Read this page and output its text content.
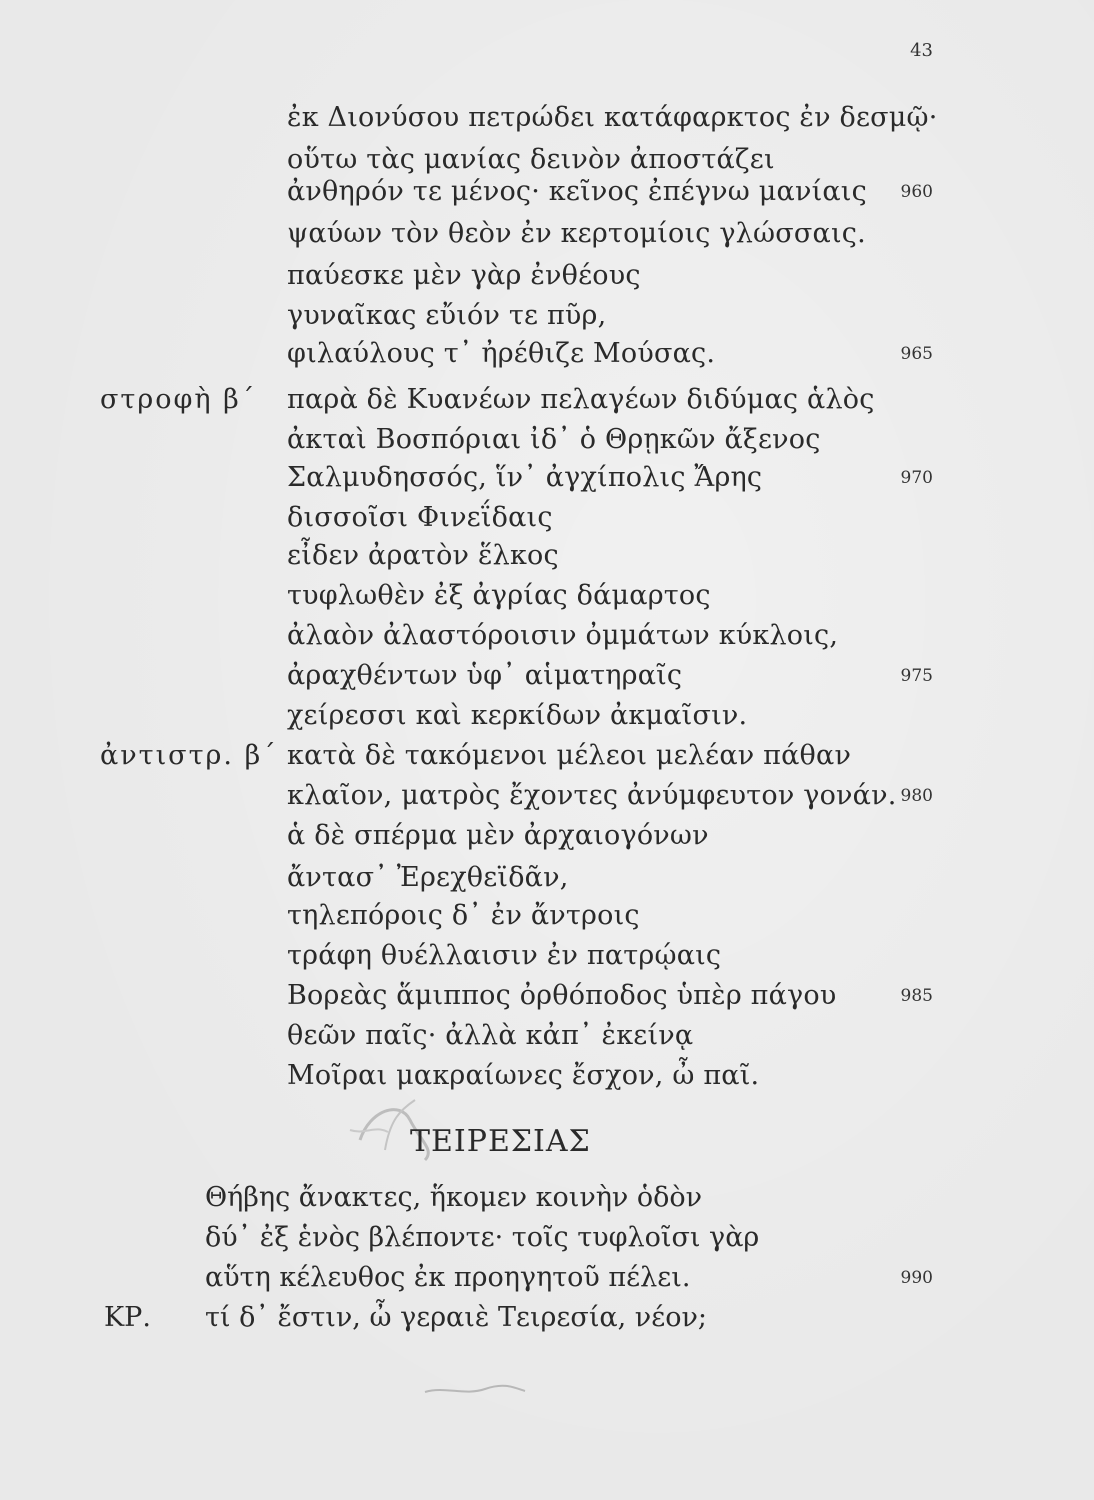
43
ἐκ Διονύσου πετρώδει κατάφαρκτος ἐν δεσμῷ·
οὕτω τὰς μανίας δεινὸν ἀποστάζει
ἀνθηρόν τε μένος· κεῖνος ἐπέγνω μανίαις	960
ψαύων τὸν θεὸν ἐν κερτομίοις γλώσσαις.
παύεσκε μὲν γὰρ ἐνθέους
γυναῖκας εὔιόν τε πῦρ,
φιλαύλους τ᾽ ἠρέθιζε Μούσας.	965
στροφὴ β΄ παρὰ δὲ Κυανέων πελαγέων διδύμας ἁλὸς
ἀκταὶ Βοσπόριαι ἰδ᾽ ὁ Θρῃκῶν ἄξενος
Σαλμυδησσός, ἵν᾽ ἀγχίπολις Ἄρης	970
δισσοῖσι Φινεΐδαις
εἶδεν ἀρατὸν ἕλκος
τυφλωθὲν ἐξ ἀγρίας δάμαρτος
ἀλαὸν ἀλαστόροισιν ὀμμάτων κύκλοις,
ἀραχθέντων ὑφ᾽ αἱματηραῖς	975
χείρεσσι καὶ κερκίδων ἀκμαῖσιν.
ἀντιστρ. β΄ κατὰ δὲ τακόμενοι μέλεοι μελέαν πάθαν
κλαῖον, ματρὸς ἔχοντες ἀνύμφευτον γονάν. 980
ἁ δὲ σπέρμα μὲν ἀρχαιογόνων
ἄντασ᾽ Ἐρεχθεϊδᾶν,
τηλεπόροις δ᾽ ἐν ἄντροις
τράφη θυέλλαισιν ἐν πατρῴαις
Βορεὰς ἅμιππος ὀρθόποδος ὑπὲρ πάγου	985
θεῶν παῖς· ἀλλὰ κἀπ᾽ ἐκείνᾳ
Μοῖραι μακραίωνες ἔσχον, ὦ παῖ.
ΤΕΙΡΕΣΙΑΣ
Θήβης ἄνακτες, ἥκομεν κοινὴν ὁδὸν
δύ᾽ ἐξ ἑνὸς βλέποντε· τοῖς τυφλοῖσι γὰρ
αὕτη κέλευθος ἐκ προηγητοῦ πέλει.	990
ΚΡ. τί δ᾽ ἔστιν, ὦ γεραιὲ Τειρεσία, νέον;
